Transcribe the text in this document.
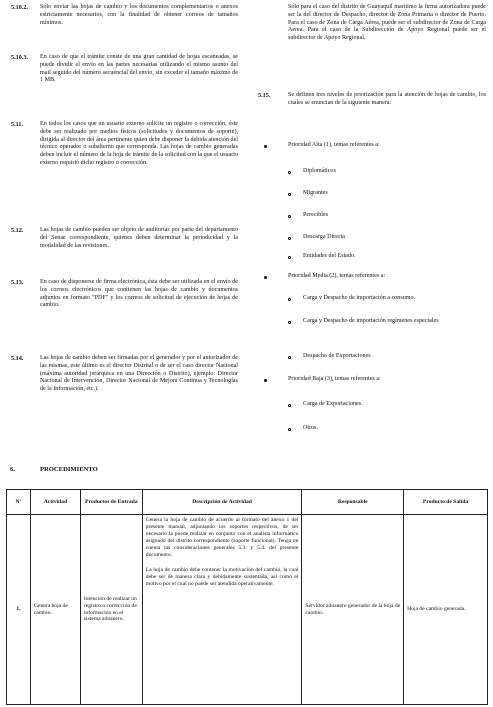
5.10.2. Sólo enviar las hojas de cambio y los documentos complementarios o anexos estrictamente necesarios, con la finalidad de obtener correos de tamaños mínimos.
5.10.3. En caso de que el trámite conste de una gran cantidad de hojas escaneadas, se puede dividir el envío en las partes necesarias utilizando el mismo asunto del mail seguido del número secuencial del envío, sin exceder el tamaño máximo de 1 MB.
5.11.	En todos los casos que un usuario externo solicite un registro o corrección, éste debe ser realizado por medios físicos (solicitudes y documentos de soporte), dirigida al director del área pertinente quien debe disponer la debida atención del técnico operador o subalterno que corresponda. Las hojas de cambio generadas deben incluir el número de la hoja de trámite de la solicitud con la que el usuario externo requirió dicho registro o corrección.
5.12.	Las hojas de cambio pueden ser objeto de auditorías por parte del departamento del Senae correspondiente, quienes deben determinar la periodicidad y la modalidad de las revisiones.
5.13.	En caso de disponerse de firma electrónica, ésta debe ser utilizada en el envío de los correos electrónicos que contienen las hojas de cambio y documentos adjuntos en formato "PDF" y los correos de solicitud de ejecución de hojas de cambio.
5.14.	Las hojas de cambio deben ser firmadas por el generador y por el autorizador de las mismas, este último es el director Distrital o de ser el caso director Nacional (máxima autoridad jerárquica en una Dirección o Distrito), ejemplo: Director Nacional de Intervención, Director Nacional de Mejora Continua y Tecnologías de la Información, etc.).
Sólo para el caso del distrito de Guayaquil marítimo la firma autorizadora puede ser la del director de Despacho, director de Zona Primaria o director de Puerto. Para el caso de Zona de Carga Aérea, puede ser el subdirector de Zona de Carga Aérea. Para el caso de la Subdirección de Apoyo Regional puede ser el subdirector de Apoyo Regional.
5.15.	Se definen tres niveles de priorización para la atención de hojas de cambio, los cuales se enuncian de la siguiente manera:
Prioridad Alta (1), temas referentes a:
Diplomáticos
Migrantes
Perecibles
Descarga Directa
Entidades del Estado.
Prioridad Media (2), temas referentes a:
Carga y Despacho de importación a consumo.
Carga y Despacho de importación regímenes especiales
Despacho de Exportaciones
Prioridad Baja (3), temas referentes a:
Carga de Exportaciones.
Otros.
6.	PROCEDIMIENTO
Nº	Actividad	Productos de Entrada	Descripción de Actividad	Responsable	Producto de Salida
1.	Genera hoja de cambio.	Intención de realizar un registro o corrección de información en el sistema aduanero.	Genera la hoja de cambio de acuerdo al formato del anexo 1 del presente manual, adjuntando los soportes respectivos, de ser necesario la puede realizar en conjunto con el analista informático asignado del distrito correspondiente (soporte funcional). Tenga en cuenta las consideraciones generales 5.3. y 5.4. del presente documento.
La hoja de cambio debe contener la motivación del cambio, la cual debe ser de manera clara y debidamente sustentada, así como el motivo por el cual no puede ser atendida operativamente.	Servidor aduanero generador de la hoja de cambio.	Hoja de cambio generada.
